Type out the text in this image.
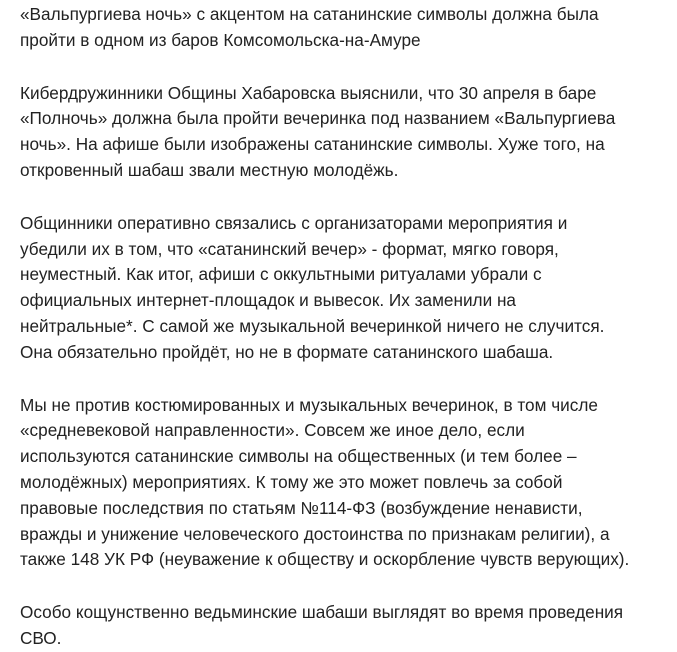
«Вальпургиева ночь» с акцентом на сатанинские символы должна была
пройти в одном из баров Комсомольска-на-Амуре

Кибердружинники Общины Хабаровска выяснили, что 30 апреля в баре
«Полночь» должна была пройти вечеринка под названием «Вальпургиева
ночь». На афише были изображены сатанинские символы. Хуже того, на
откровенный шабаш звали местную молодёжь.

Общинники оперативно связались с организаторами мероприятия и
убедили их в том, что «сатанинский вечер» - формат, мягко говоря,
неуместный. Как итог, афиши с оккультными ритуалами убрали с
официальных интернет-площадок и вывесок. Их заменили на
нейтральные*. С самой же музыкальной вечеринкой ничего не случится.
Она обязательно пройдёт, но не в формате сатанинского шабаша.

Мы не против костюмированных и музыкальных вечеринок, в том числе
«средневековой направленности». Совсем же иное дело, если
используются сатанинские символы на общественных (и тем более –
молодёжных) мероприятиях. К тому же это может повлечь за собой
правовые последствия по статьям №114-ФЗ (возбуждение ненависти,
вражды и унижение человеческого достоинства по признакам религии), а
также 148 УК РФ (неуважение к обществу и оскорбление чувств верующих).

Особо кощунственно ведьминские шабаши выглядят во время проведения
СВО.
